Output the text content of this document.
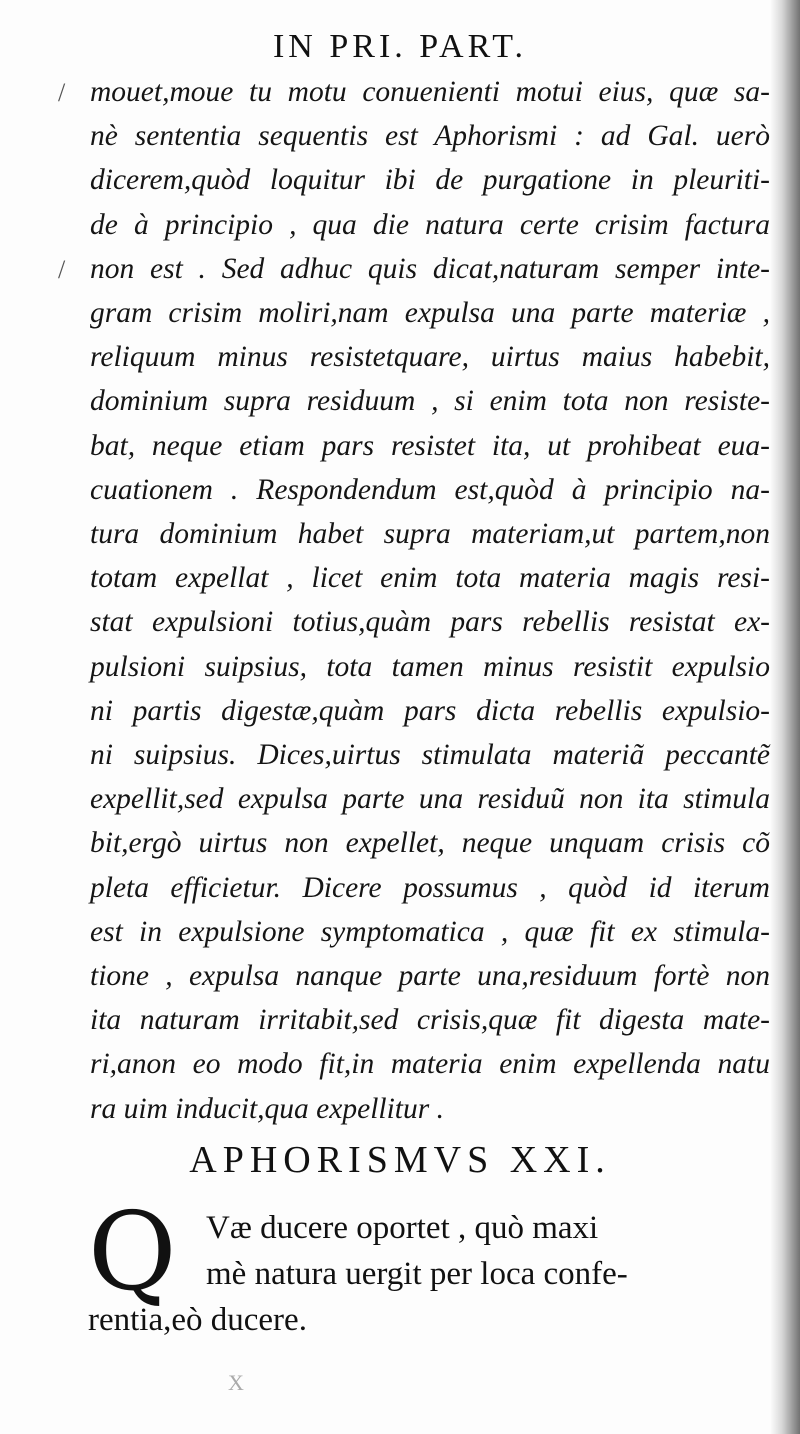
IN PRI. PART.
/
/
mouet,moue tu motu conuenienti motui eius, quæ sa-
nè sententia sequentis est Aphorismi : ad Gal. uerò
dicerem,quòd loquitur ibi de purgatione in pleuriti-
de à principio , qua die natura certe crisim factura
non est . Sed adhuc quis dicat,naturam semper inte-
gram crisim moliri,nam expulsa una parte materiæ ,
reliquum minus resistetquare, uirtus maius habebit,
dominium supra residuum , si enim tota non resiste-
bat, neque etiam pars resistet ita, ut prohibeat eua-
cuationem . Respondendum est,quòd à principio na-
tura dominium habet supra materiam,ut partem,non
totam expellat , licet enim tota materia magis resi-
stat expulsioni totius,quàm pars rebellis resistat ex-
pulsioni suipsius, tota tamen minus resistit expulsio
ni partis digestæ,quàm pars dicta rebellis expulsio-
ni suipsius. Dices,uirtus stimulata materiã peccantẽ
expellit,sed expulsa parte una residuũ non ita stimula
bit,ergò uirtus non expellet, neque unquam crisis cõ
pleta efficietur. Dicere possumus , quòd id iterum
est in expulsione symptomatica , quæ fit ex stimula-
tione , expulsa nanque parte una,residuum fortè non
ita naturam irritabit,sed crisis,quæ fit digesta mate-
ri,anon eo modo fit,in materia enim expellenda natu
ra uim inducit,qua expellitur .
APHORISMVS XXI.
Q Væ ducere oportet , quò maxi
mè natura uergit per loca confe-
rentia,eò ducere.
X
